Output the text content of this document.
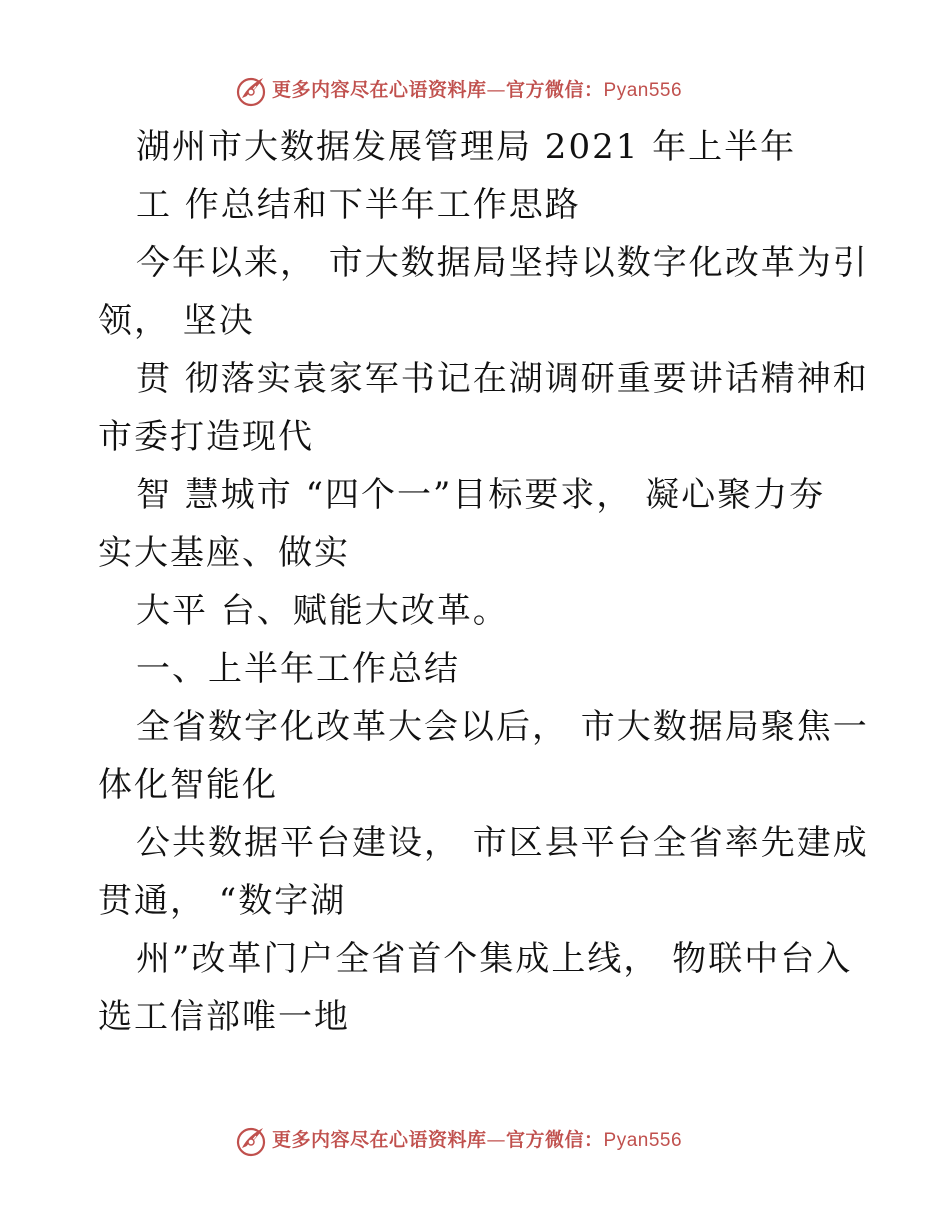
更多内容尽在心语资料库—官方微信：Pyan556
湖州市大数据发展管理局 2021 年上半年
工 作总结和下半年工作思路
今年以来， 市大数据局坚持以数字化改革为引
领， 坚决
贯 彻落实袁家军书记在湖调研重要讲话精神和
市委打造现代
智 慧城市 “四个一”目标要求， 凝心聚力夯
实大基座、做实
大平 台、赋能大改革。
一、上半年工作总结
全省数字化改革大会以后， 市大数据局聚焦一
体化智能化
公共数据平台建设， 市区县平台全省率先建成
贯通， “数字湖
州”改革门户全省首个集成上线， 物联中台入
选工信部唯一地
更多内容尽在心语资料库—官方微信：Pyan556
